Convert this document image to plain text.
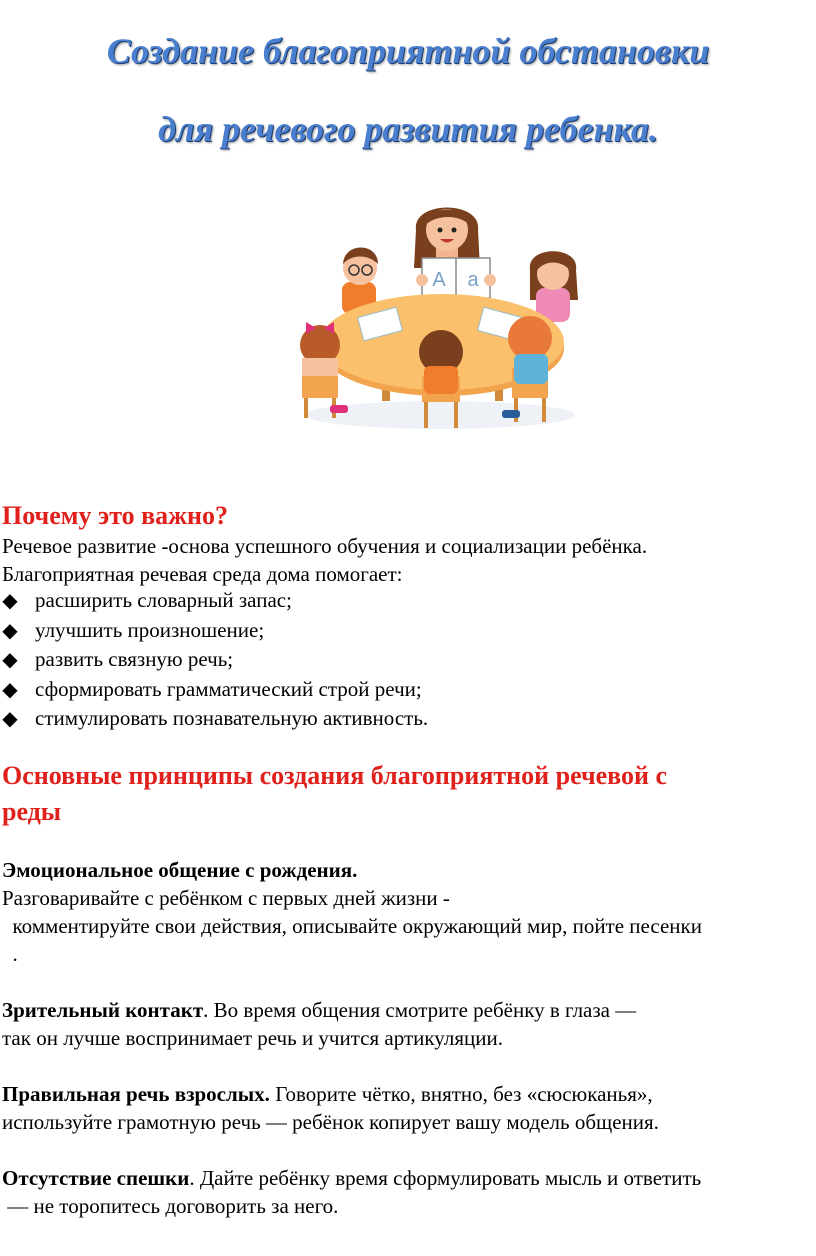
Создание благоприятной обстановки
для речевого развития ребенка.
A a
Почему это важно?

Речевое развитие -основа успешного обучения и социализации ребёнка.

Благоприятная речевая среда дома помогает:

◆ расширить словарный запас;
◆ улучшить произношение;
◆ развить связную речь;
◆ сформировать грамматический строй речи;
◆ стимулировать познавательную активность.
Основные принципы создания благоприятной речевой с
реды

Эмоциональное общение с рождения.

Разговаривайте с ребёнком с первых дней жизни -

комментируйте свои действия, описывайте окружающий мир, пойте песенки

.

Зрительный контакт. Во время общения смотрите ребёнку в глаза —

так он лучше воспринимает речь и учится артикуляции.

Правильная речь взрослых. Говорите чётко, внятно, без «сюсюканья»,

используйте грамотную речь — ребёнок копирует вашу модель общения.

Отсутствие спешки. Дайте ребёнку время сформулировать мысль и ответить

— не торопитесь договорить за него.
